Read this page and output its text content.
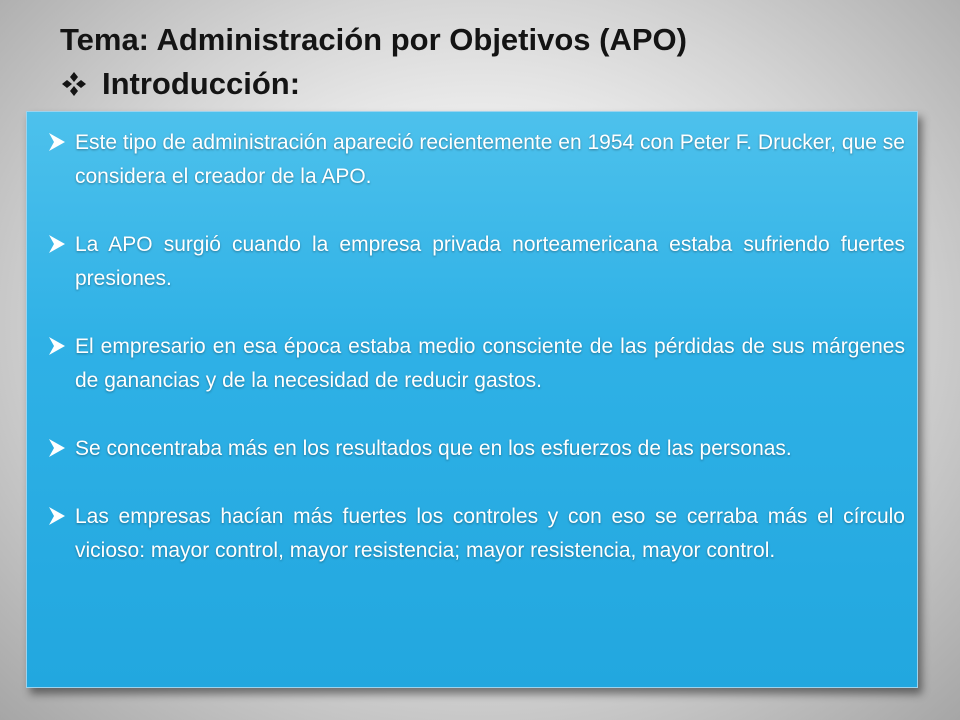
Tema: Administración por Objetivos (APO)
Introducción:
Este tipo de administración apareció recientemente en 1954 con Peter F. Drucker, que se considera el creador de la APO.
La APO surgió cuando la empresa privada norteamericana estaba sufriendo fuertes presiones.
El empresario en esa época estaba medio consciente de las pérdidas de sus márgenes de ganancias y de la necesidad de reducir gastos.
Se concentraba más en los resultados que en los esfuerzos de las personas.
Las empresas hacían más fuertes los controles y con eso se cerraba más el círculo vicioso: mayor control, mayor resistencia; mayor resistencia, mayor control.
